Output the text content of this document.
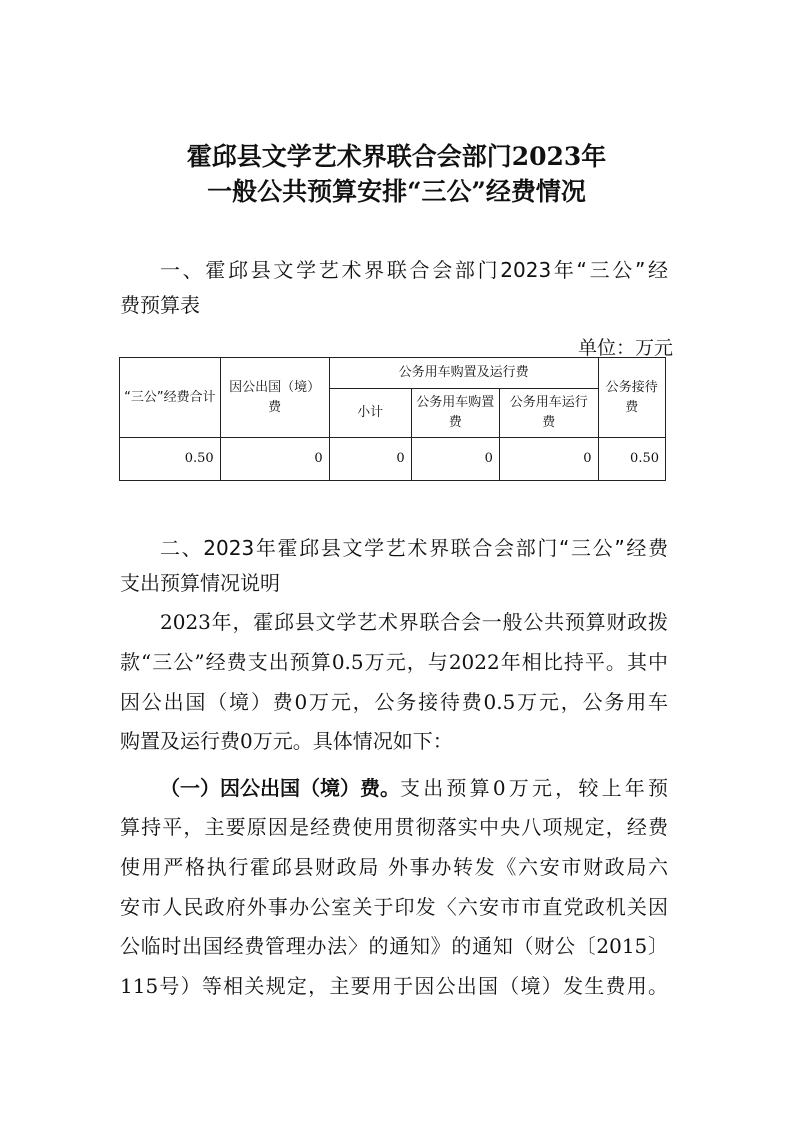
霍邱县文学艺术界联合会部门2023年
一般公共预算安排“三公”经费情况
一、霍邱县文学艺术界联合会部门2023年“三公”经
费预算表
单位：万元
“三公”经费合计	因公出国（境）费	公务用车购置及运行费			公务接待费
		小计	公务用车购置费	公务用车运行费	
0.50	0	0	0	0	0.50
二、2023年霍邱县文学艺术界联合会部门“三公”经费
支出预算情况说明
2023年，霍邱县文学艺术界联合会一般公共预算财政拨
款“三公”经费支出预算0.5万元，与2022年相比持平。其中
因公出国（境）费0万元，公务接待费0.5万元，公务用车
购置及运行费0万元。具体情况如下：
（一）因公出国（境）费。 支出预算0万元，较上年预
算持平，主要原因是经费使用贯彻落实中央八项规定，经费
使用严格执行霍邱县财政局 外事办转发《六安市财政局六
安市人民政府外事办公室关于印发〈六安市市直党政机关因
公临时出国经费管理办法〉的通知》的通知（财公〔2015〕
115号）等相关规定，主要用于因公出国（境）发生费用。
